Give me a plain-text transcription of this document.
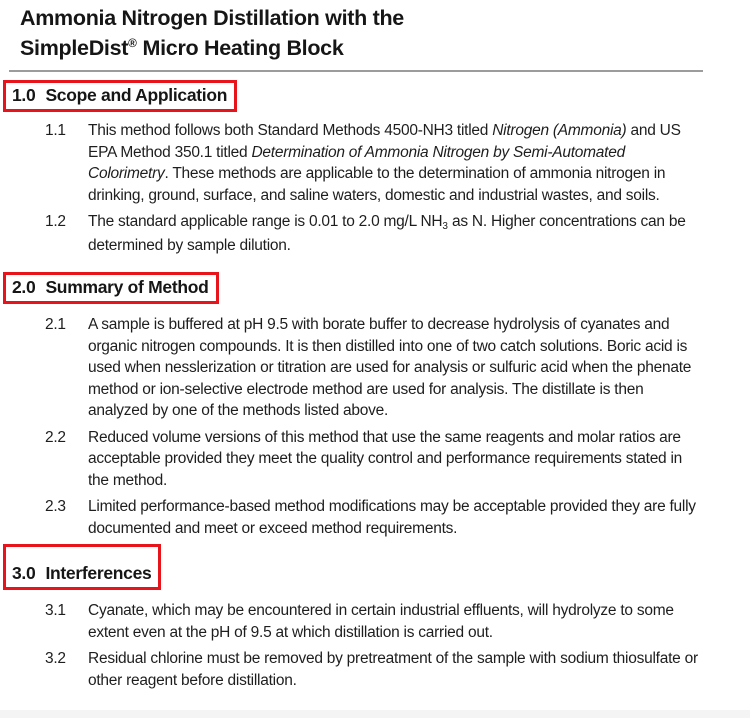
Ammonia Nitrogen Distillation with the
SimpleDist® Micro Heating Block
1.0 Scope and Application
1.1	This method follows both Standard Methods 4500-NH3 titled Nitrogen (Ammonia) and US EPA Method 350.1 titled Determination of Ammonia Nitrogen by Semi-Automated Colorimetry. These methods are applicable to the determination of ammonia nitrogen in drinking, ground, surface, and saline waters, domestic and industrial wastes, and soils.
1.2	The standard applicable range is 0.01 to 2.0 mg/L NH3 as N. Higher concentrations can be determined by sample dilution.
2.0 Summary of Method
2.1	A sample is buffered at pH 9.5 with borate buffer to decrease hydrolysis of cyanates and organic nitrogen compounds. It is then distilled into one of two catch solutions. Boric acid is used when nesslerization or titration are used for analysis or sulfuric acid when the phenate method or ion-selective electrode method are used for analysis. The distillate is then analyzed by one of the methods listed above.
2.2	Reduced volume versions of this method that use the same reagents and molar ratios are acceptable provided they meet the quality control and performance requirements stated in the method.
2.3	Limited performance-based method modifications may be acceptable provided they are fully documented and meet or exceed method requirements.
3.0 Interferences
3.1	Cyanate, which may be encountered in certain industrial effluents, will hydrolyze to some extent even at the pH of 9.5 at which distillation is carried out.
3.2	Residual chlorine must be removed by pretreatment of the sample with sodium thiosulfate or other reagent before distillation.
